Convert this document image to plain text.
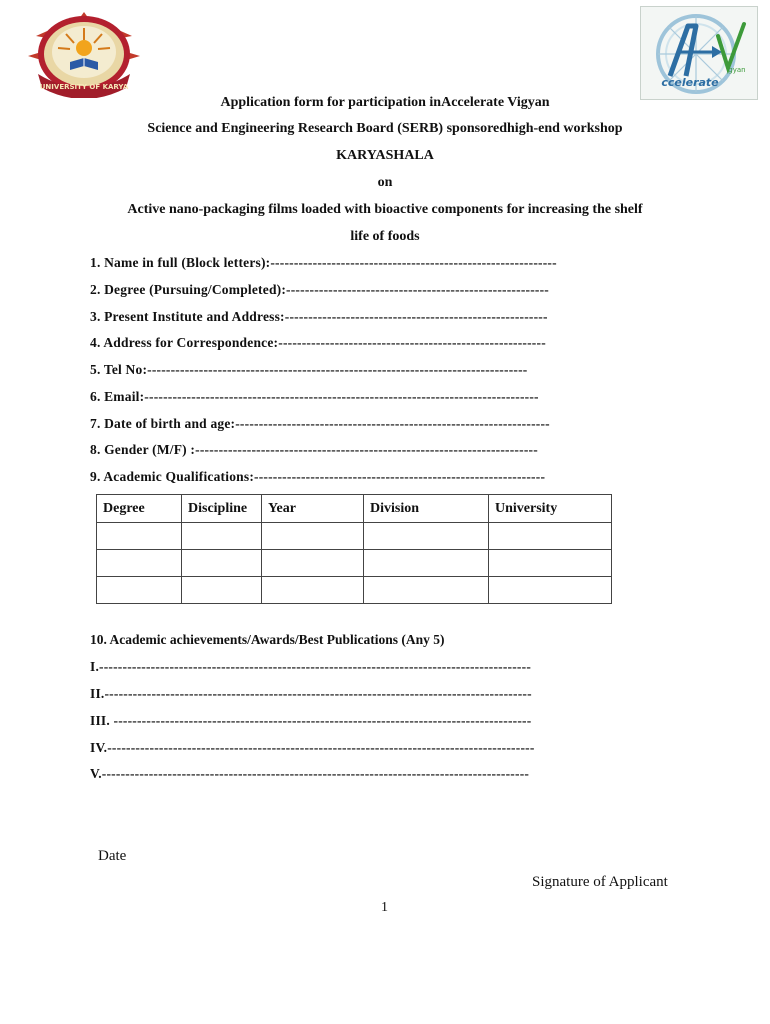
UNIVERSITY OF KARYA	ccelerate
igyan
Application form for participation inAccelerate Vigyan
Science and Engineering Research Board (SERB) sponsoredhigh-end workshop
KARYASHALA
on
Active nano-packaging films loaded with bioactive components for increasing the shelf
life of foods
1. Name in full (Block letters):-------------------------------------------------------------
2. Degree (Pursuing/Completed):--------------------------------------------------------
3. Present Institute and Address:--------------------------------------------------------
4. Address for Correspondence:---------------------------------------------------------
5. Tel No:---------------------------------------------------------------------------------
6. Email:------------------------------------------------------------------------------------
7. Date of birth and age:-------------------------------------------------------------------
8. Gender (M/F) :-------------------------------------------------------------------------
9. Academic Qualifications:--------------------------------------------------------------
Degree	Discipline	Year	Division	University

10. Academic achievements/Awards/Best Publications (Any 5)
I.--------------------------------------------------------------------------------------------
II.-------------------------------------------------------------------------------------------
III. -----------------------------------------------------------------------------------------
IV.-------------------------------------------------------------------------------------------
V.-------------------------------------------------------------------------------------------
Date
Signature of Applicant
1
